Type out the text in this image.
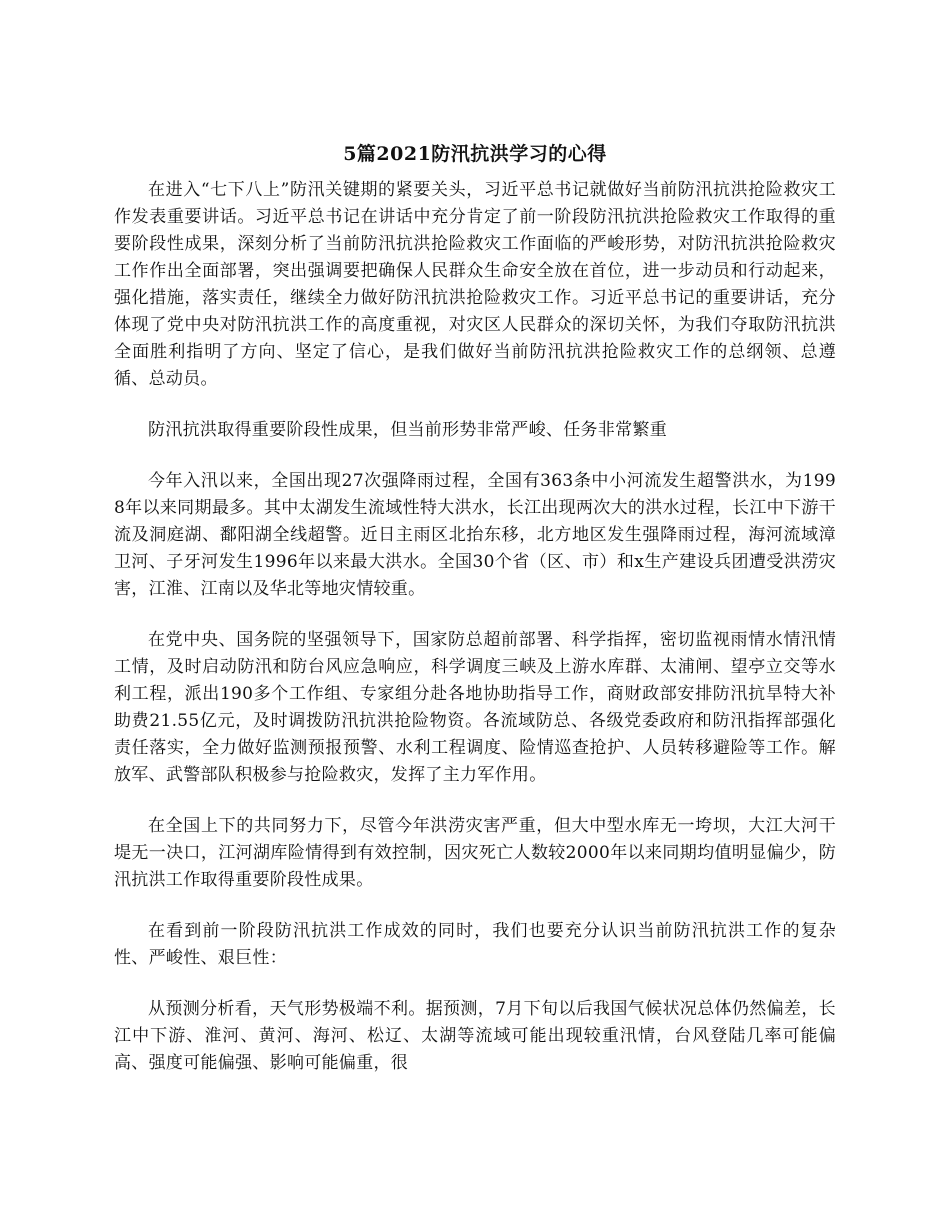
5篇2021防汛抗洪学习的心得

在进入“七下八上”防汛关键期的紧要关头，习近平总书记就做好当前防汛抗洪抢险救灾工作发表重要讲话。习近平总书记在讲话中充分肯定了前一阶段防汛抗洪抢险救灾工作取得的重要阶段性成果，深刻分析了当前防汛抗洪抢险救灾工作面临的严峻形势，对防汛抗洪抢险救灾工作作出全面部署，突出强调要把确保人民群众生命安全放在首位，进一步动员和行动起来，强化措施，落实责任，继续全力做好防汛抗洪抢险救灾工作。习近平总书记的重要讲话，充分体现了党中央对防汛抗洪工作的高度重视，对灾区人民群众的深切关怀，为我们夺取防汛抗洪全面胜利指明了方向、坚定了信心，是我们做好当前防汛抗洪抢险救灾工作的总纲领、总遵循、总动员。

防汛抗洪取得重要阶段性成果，但当前形势非常严峻、任务非常繁重

今年入汛以来，全国出现27次强降雨过程，全国有363条中小河流发生超警洪水，为1998年以来同期最多。其中太湖发生流域性特大洪水，长江出现两次大的洪水过程，长江中下游干流及洞庭湖、鄱阳湖全线超警。近日主雨区北抬东移，北方地区发生强降雨过程，海河流域漳卫河、子牙河发生1996年以来最大洪水。全国30个省（区、市）和x生产建设兵团遭受洪涝灾害，江淮、江南以及华北等地灾情较重。

在党中央、国务院的坚强领导下，国家防总超前部署、科学指挥，密切监视雨情水情汛情工情，及时启动防汛和防台风应急响应，科学调度三峡及上游水库群、太浦闸、望亭立交等水利工程，派出190多个工作组、专家组分赴各地协助指导工作，商财政部安排防汛抗旱特大补助费21.55亿元，及时调拨防汛抗洪抢险物资。各流域防总、各级党委政府和防汛指挥部强化责任落实，全力做好监测预报预警、水利工程调度、险情巡查抢护、人员转移避险等工作。解放军、武警部队积极参与抢险救灾，发挥了主力军作用。

在全国上下的共同努力下，尽管今年洪涝灾害严重，但大中型水库无一垮坝，大江大河干堤无一决口，江河湖库险情得到有效控制，因灾死亡人数较2000年以来同期均值明显偏少，防汛抗洪工作取得重要阶段性成果。

在看到前一阶段防汛抗洪工作成效的同时，我们也要充分认识当前防汛抗洪工作的复杂性、严峻性、艰巨性：

从预测分析看，天气形势极端不利。据预测，7月下旬以后我国气候状况总体仍然偏差，长江中下游、淮河、黄河、海河、松辽、太湖等流域可能出现较重汛情，台风登陆几率可能偏高、强度可能偏强、影响可能偏重，很
